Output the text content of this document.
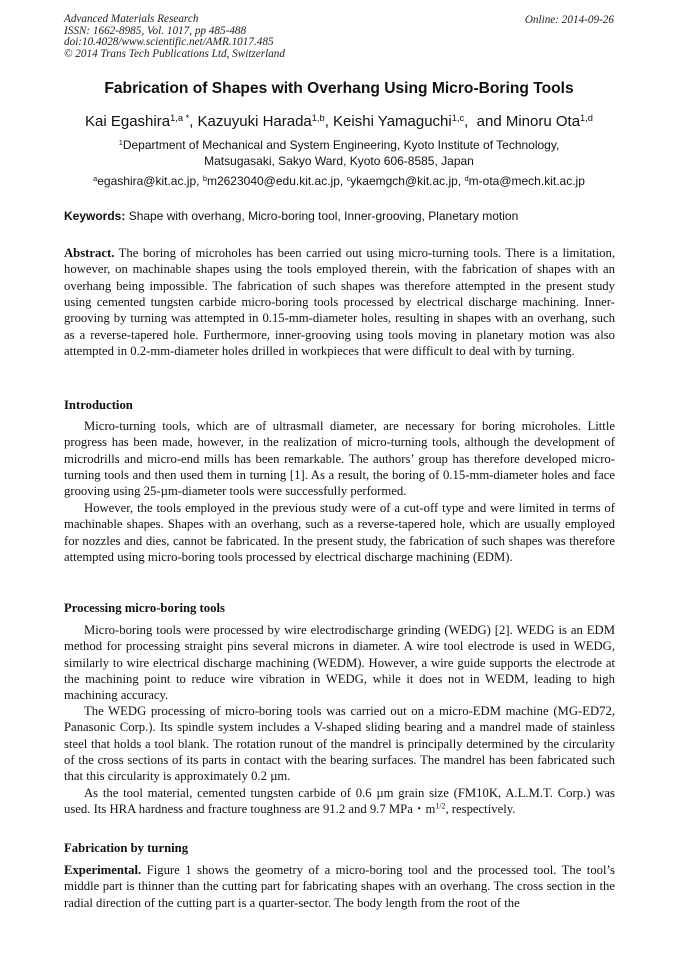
Advanced Materials Research
ISSN: 1662-8985, Vol. 1017, pp 485-488
doi:10.4028/www.scientific.net/AMR.1017.485
© 2014 Trans Tech Publications Ltd, Switzerland
Online: 2014-09-26
Fabrication of Shapes with Overhang Using Micro-Boring Tools
Kai Egashira$^{1,a *}$, Kazuyuki Harada$^{1,b}$, Keishi Yamaguchi$^{1,c}$,  and Minoru Ota$^{1,d}$
$^1$Department of Mechanical and System Engineering, Kyoto Institute of Technology,
Matsugasaki, Sakyo Ward, Kyoto 606-8585, Japan
$^a$egashira@kit.ac.jp, $^b$m2623040@edu.kit.ac.jp, $^c$ykaemgch@kit.ac.jp, $^d$m-ota@mech.kit.ac.jp
Keywords: Shape with overhang, Micro-boring tool, Inner-grooving, Planetary motion
Abstract. The boring of microholes has been carried out using micro-turning tools. There is a limitation, however, on machinable shapes using the tools employed therein, with the fabrication of shapes with an overhang being impossible. The fabrication of such shapes was therefore attempted in the present study using cemented tungsten carbide micro-boring tools processed by electrical discharge machining. Inner-grooving by turning was attempted in 0.15-mm-diameter holes, resulting in shapes with an overhang, such as a reverse-tapered hole. Furthermore, inner-grooving using tools moving in planetary motion was also attempted in 0.2-mm-diameter holes drilled in workpieces that were difficult to deal with by turning.
Introduction
Micro-turning tools, which are of ultrasmall diameter, are necessary for boring microholes. Little progress has been made, however, in the realization of micro-turning tools, although the development of microdrills and micro-end mills has been remarkable. The authors’ group has therefore developed micro-turning tools and then used them in turning [1]. As a result, the boring of 0.15-mm-diameter holes and face grooving using 25-µm-diameter tools were successfully performed.
However, the tools employed in the previous study were of a cut-off type and were limited in terms of machinable shapes. Shapes with an overhang, such as a reverse-tapered hole, which are usually employed for nozzles and dies, cannot be fabricated. In the present study, the fabrication of such shapes was therefore attempted using micro-boring tools processed by electrical discharge machining (EDM).
Processing micro-boring tools
Micro-boring tools were processed by wire electrodischarge grinding (WEDG) [2]. WEDG is an EDM method for processing straight pins several microns in diameter. A wire tool electrode is used in WEDG, similarly to wire electrical discharge machining (WEDM). However, a wire guide supports the electrode at the machining point to reduce wire vibration in WEDG, while it does not in WEDM, leading to high machining accuracy.
The WEDG processing of micro-boring tools was carried out on a micro-EDM machine (MG-ED72, Panasonic Corp.). Its spindle system includes a V-shaped sliding bearing and a mandrel made of stainless steel that holds a tool blank. The rotation runout of the mandrel is principally determined by the circularity of the cross sections of its parts in contact with the bearing surfaces. The mandrel has been fabricated such that this circularity is approximately 0.2 µm.
As the tool material, cemented tungsten carbide of 0.6 µm grain size (FM10K, A.L.M.T. Corp.) was used. Its HRA hardness and fracture toughness are 91.2 and 9.7 MPa・$m^{1/2}$, respectively.
Fabrication by turning
Experimental. Figure 1 shows the geometry of a micro-boring tool and the processed tool. The tool’s middle part is thinner than the cutting part for fabricating shapes with an overhang. The cross section in the radial direction of the cutting part is a quarter-sector. The body length from the root of the
